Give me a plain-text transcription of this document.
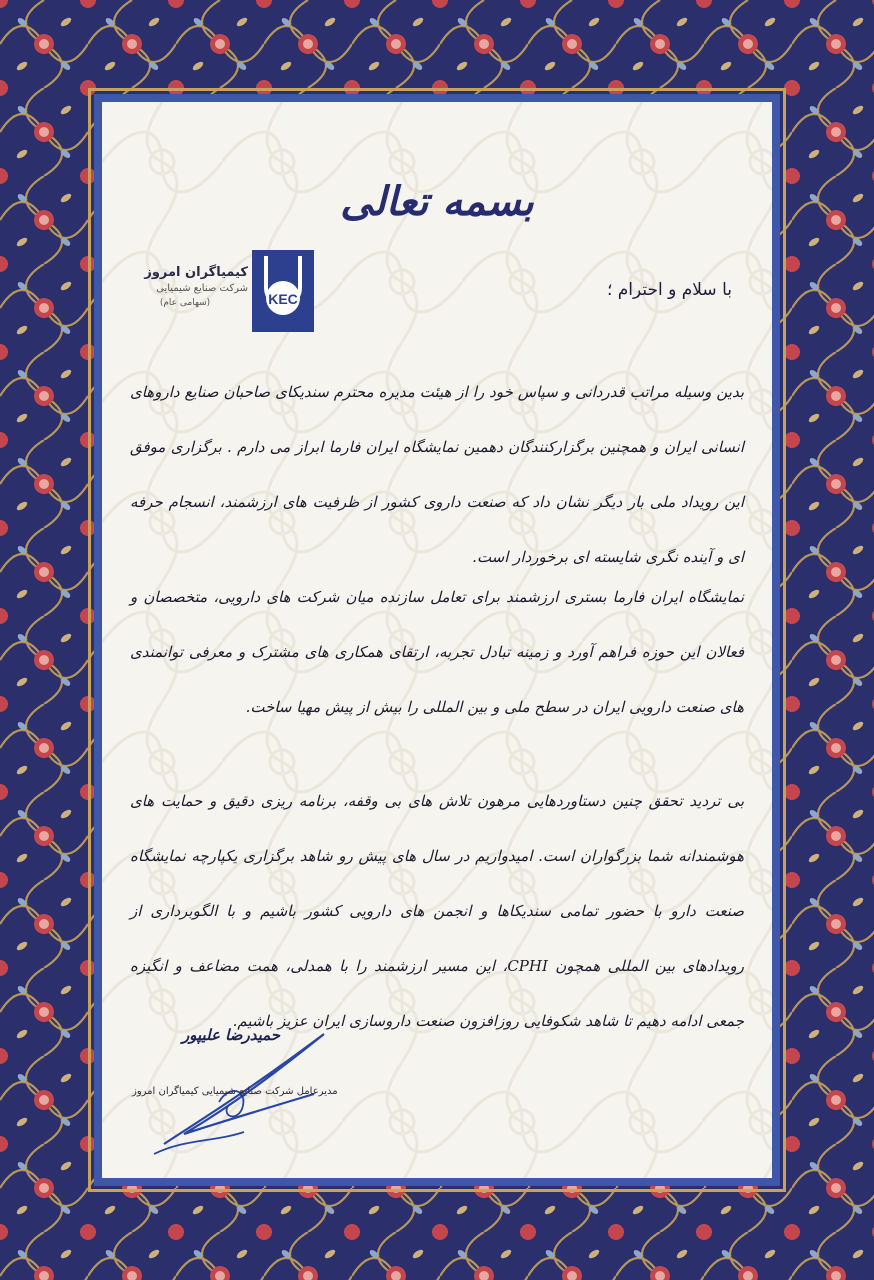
بسمه تعالی
KEC
کیمیاگران امروز
شرکت صنایع شیمیایی
(سهامی عام)
با سلام و احترام ؛

بدین وسیله مراتب قدردانی و سپاس خود را از هیئت مدیره محترم سندیکای صاحبان صنایع داروهای انسانی ایران و همچنین برگزارکنندگان دهمین نمایشگاه ایران فارما ابراز می دارم . برگزاری موفق این رویداد ملی بار دیگر نشان داد که صنعت داروی کشور از ظرفیت های ارزشمند، انسجام حرفه ای و آینده نگری شایسته ای برخوردار است.

نمایشگاه ایران فارما بستری ارزشمند برای تعامل سازنده میان شرکت های دارویی، متخصصان و فعالان این حوزه فراهم آورد و زمینه تبادل تجربه، ارتقای همکاری های مشترک و معرفی توانمندی های صنعت دارویی ایران در سطح ملی و بین المللی را بیش از پیش مهیا ساخت.

بی تردید تحقق چنین دستاوردهایی مرهون تلاش های بی وقفه، برنامه ریزی دقیق و حمایت های هوشمندانه شما بزرگواران است. امیدواریم در سال های پیش رو شاهد برگزاری یکپارچه نمایشگاه صنعت دارو با حضور تمامی سندیکاها و انجمن های دارویی کشور باشیم و با الگوبرداری از رویدادهای بین المللی همچون CPHI، این مسیر ارزشمند را با همدلی، همت مضاعف و انگیزه جمعی ادامه دهیم تا شاهد شکوفایی روزافزون صنعت داروسازی ایران عزیز باشیم.

حمیدرضا علیپور
مدیرعامل شرکت صنایع شیمیایی کیمیاگران امروز
